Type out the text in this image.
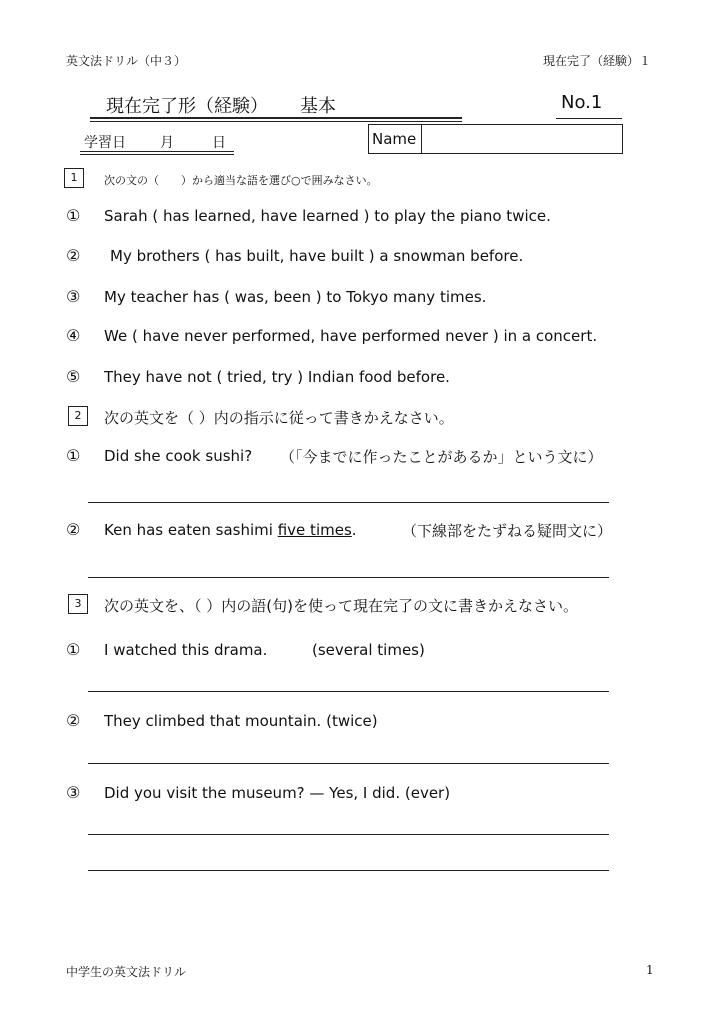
英文法ドリル（中３）	現在完了（経験）１
現在完了形（経験） 基本	No.1
学習日 月	日	Name
1	次の文の（　　）から適当な語を選び○で囲みなさい。
① Sarah ( has learned, have learned ) to play the piano twice.
② My brothers ( has built, have built ) a snowman before.
③ My teacher has ( was, been ) to Tokyo many times.
④ We ( have never performed, have performed never ) in a concert.
⑤ They have not ( tried, try ) Indian food before.
2	次の英文を（ ）内の指示に従って書きかえなさい。
① Did she cook sushi? （「今までに作ったことがあるか」という文に）
② Ken has eaten sashimi five times.	（下線部をたずねる疑問文に）
3	次の英文を、（ ）内の語(句)を使って現在完了の文に書きかえなさい。
① I watched this drama.	(several times)
② They climbed that mountain. (twice)
③ Did you visit the museum? — Yes, I did. (ever)
中学生の英文法ドリル	1
